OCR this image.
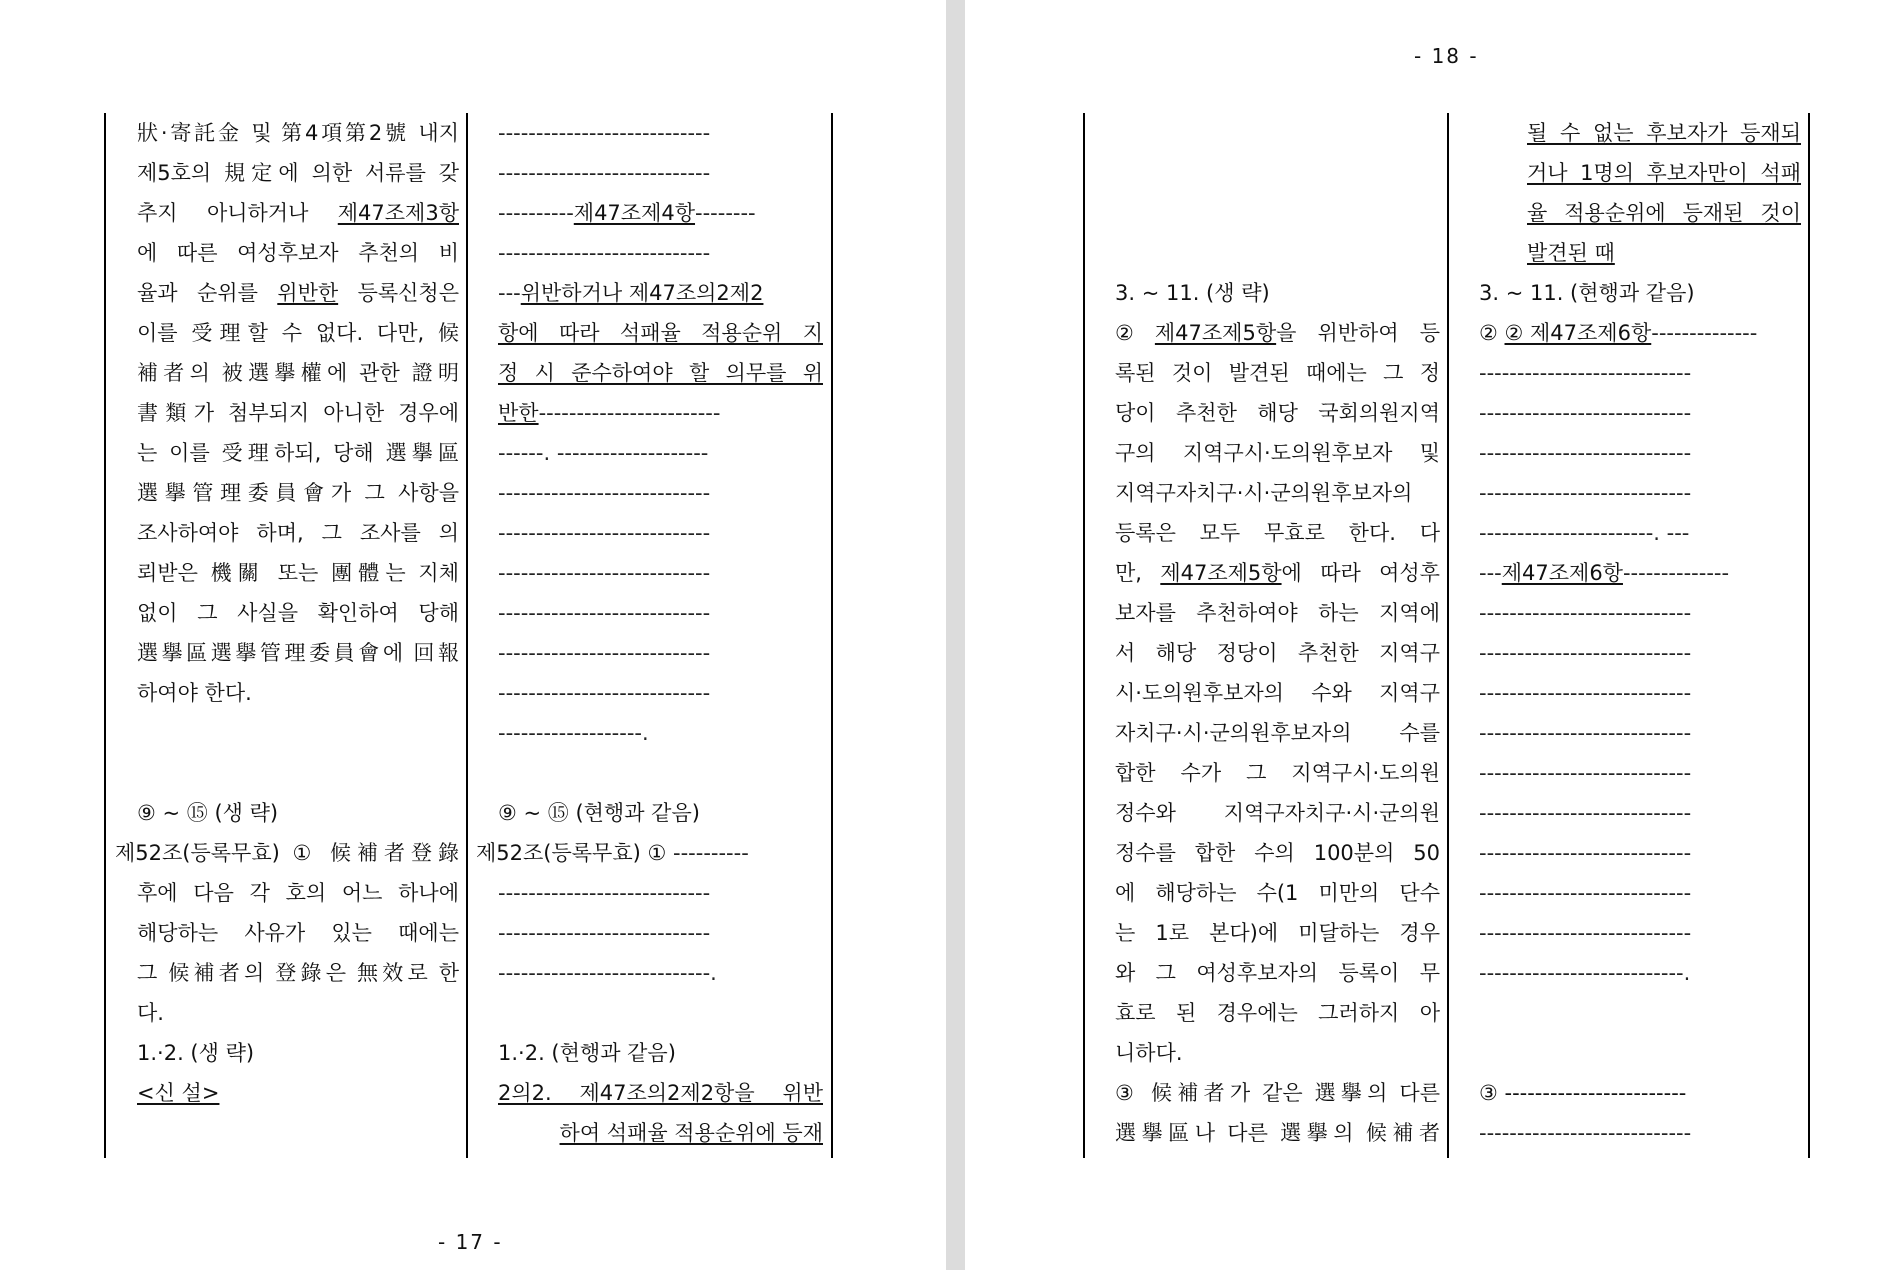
狀·寄託金 및 第4項第2號 내지
제5호의 規定에 의한 서류를 갖
추지 아니하거나 제47조제3항
에 따른 여성후보자 추천의 비
율과 순위를 위반한 등록신청은
이를 受理할 수 없다. 다만, 候
補者의 被選擧權에 관한 證明
書類가 첨부되지 아니한 경우에
는 이를 受理하되, 당해 選擧區
選擧管理委員會가 그 사항을
조사하여야 하며, 그 조사를 의
뢰받은 機關 또는 團體는 지체
없이 그 사실을 확인하여 당해
選擧區選擧管理委員會에 回報
하여야 한다.
⑨ ~ ⑮ (생 략)
제52조(등록무효) ① 候補者登錄
후에 다음 각 호의 어느 하나에
해당하는 사유가 있는 때에는
그 候補者의 登錄은 無效로 한
다.
1.·2. (생 략)
<신 설>
----------------------------
----------------------------
----------제47조제4항--------
----------------------------
---위반하거나 제47조의2제2
항에 따라 석패율 적용순위 지
정 시 준수하여야 할 의무를 위
반한------------------------
------. --------------------
----------------------------
----------------------------
----------------------------
----------------------------
----------------------------
----------------------------
-------------------.
⑨ ~ ⑮ (현행과 같음)
제52조(등록무효) ① ----------
----------------------------
----------------------------
----------------------------.
1.·2. (현행과 같음)
2의2. 제47조의2제2항을 위반
하여 석패율 적용순위에 등재
- 17 -
- 18 -
3. ~ 11. (생 략)
② 제47조제5항을 위반하여 등
록된 것이 발견된 때에는 그 정
당이 추천한 해당 국회의원지역
구의 지역구시·도의원후보자 및
지역구자치구·시·군의원후보자의
등록은 모두 무효로 한다. 다
만, 제47조제5항에 따라 여성후
보자를 추천하여야 하는 지역에
서 해당 정당이 추천한 지역구
시·도의원후보자의 수와 지역구
자치구·시·군의원후보자의 수를
합한 수가 그 지역구시·도의원
정수와 지역구자치구·시·군의원
정수를 합한 수의 100분의 50
에 해당하는 수(1 미만의 단수
는 1로 본다)에 미달하는 경우
와 그 여성후보자의 등록이 무
효로 된 경우에는 그러하지 아
니하다.
③ 候補者가 같은 選擧의 다른
選擧區나 다른 選擧의 候補者
될 수 없는 후보자가 등재되
거나 1명의 후보자만이 석패
율 적용순위에 등재된 것이
발견된 때
3. ~ 11. (현행과 같음)
② ② 제47조제6항--------------
----------------------------
----------------------------
----------------------------
----------------------------
-----------------------. ---
---제47조제6항--------------
----------------------------
----------------------------
----------------------------
----------------------------
----------------------------
----------------------------
----------------------------
----------------------------
----------------------------
---------------------------.
③ ------------------------
----------------------------
